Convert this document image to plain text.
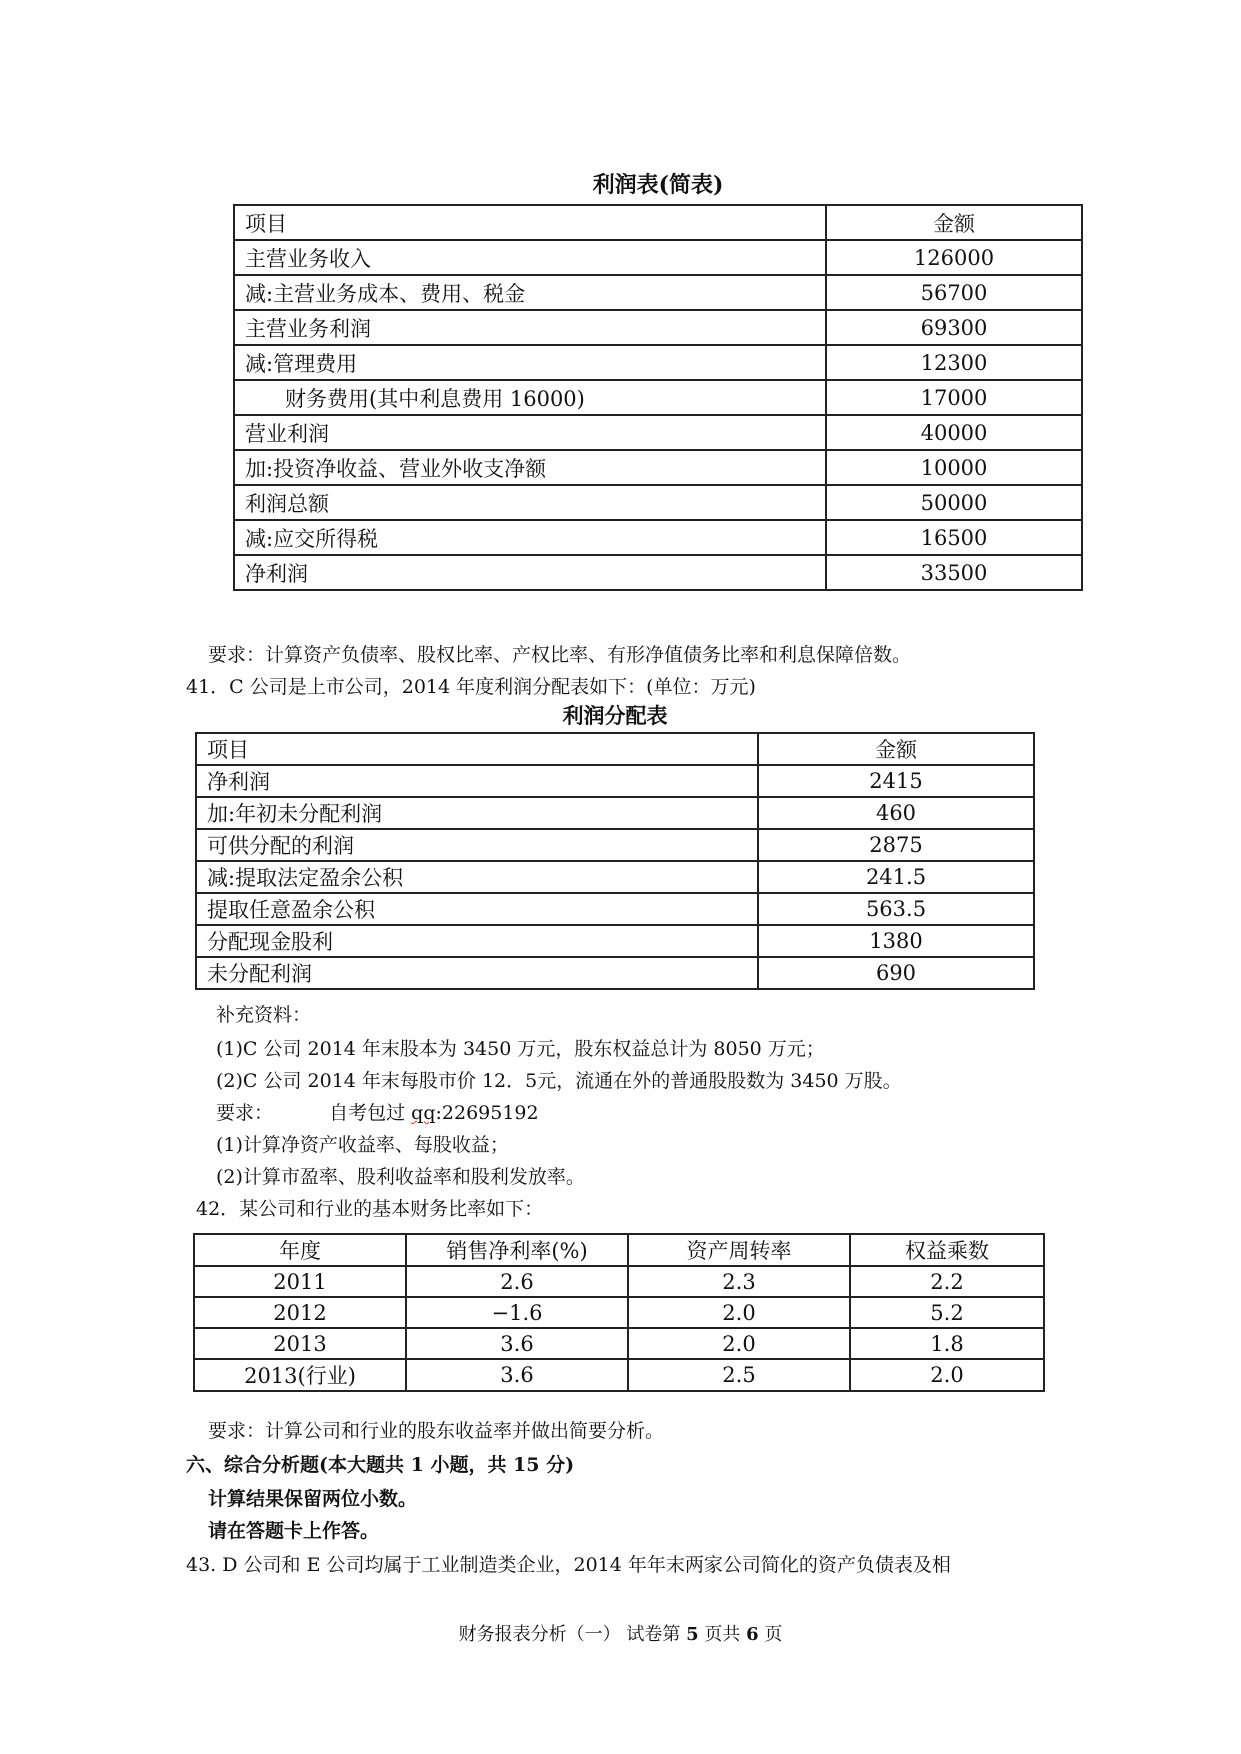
利润表(简表)
项目	金额
主营业务收入	126000
减:主营业务成本、费用、税金	56700
主营业务利润	69300
减:管理费用	12300
财务费用(其中利息费用 16000)	17000
营业利润	40000
加:投资净收益、营业外收支净额	10000
利润总额	50000
减:应交所得税	16500
净利润	33500
要求：计算资产负债率、股权比率、产权比率、有形净值债务比率和利息保障倍数。
41．C 公司是上市公司，2014 年度利润分配表如下：(单位：万元)
利润分配表
项目	金额
净利润	2415
加:年初未分配利润	460
可供分配的利润	2875
减:提取法定盈余公积	241.5
提取任意盈余公积	563.5
分配现金股利	1380
未分配利润	690
补充资料：
(1)C 公司 2014 年末股本为 3450 万元，股东权益总计为 8050 万元；
(2)C 公司 2014 年末每股市价 12．5元，流通在外的普通股股数为 3450 万股。
要求：	自考包过 qq:22695192
(1)计算净资产收益率、每股收益；
(2)计算市盈率、股利收益率和股利发放率。
42．某公司和行业的基本财务比率如下：
年度	销售净利率(%)	资产周转率	权益乘数
2011	2.6	2.3	2.2
2012	−1.6	2.0	5.2
2013	3.6	2.0	1.8
2013(行业)	3.6	2.5	2.0
要求：计算公司和行业的股东收益率并做出简要分析。
六、综合分析题(本大题共 1 小题，共 15 分)
计算结果保留两位小数。
请在答题卡上作答。
43. D 公司和 E 公司均属于工业制造类企业，2014 年年末两家公司简化的资产负债表及相
财务报表分析（一） 试卷第 5 页共 6 页
